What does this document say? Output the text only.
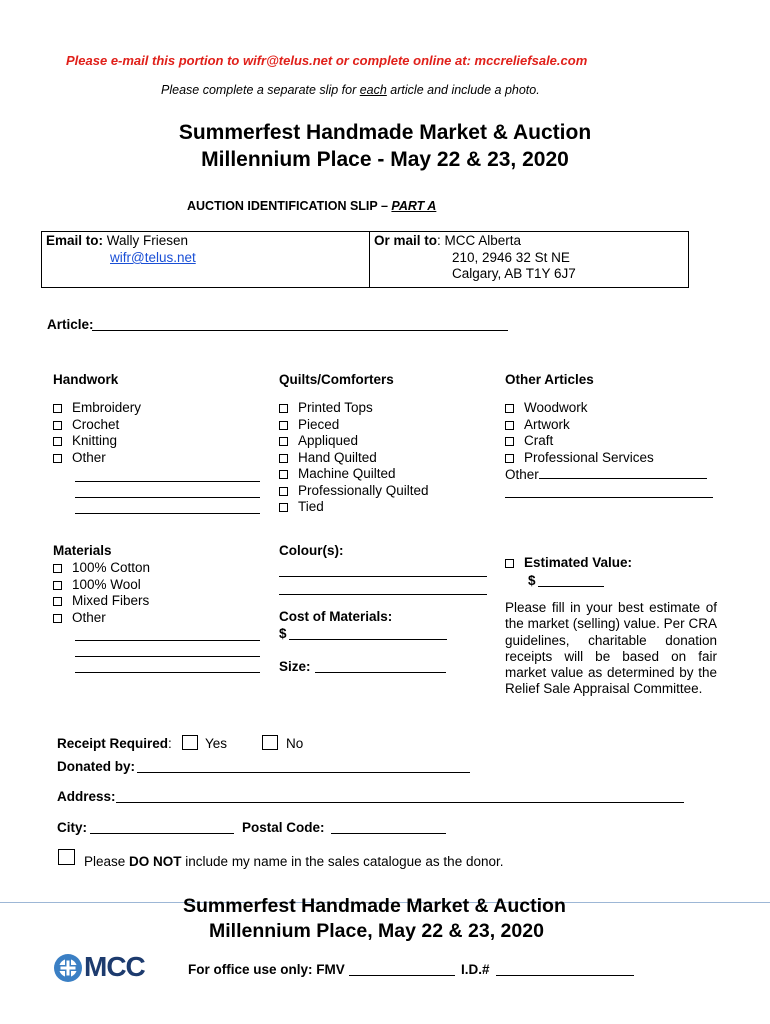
Please e-mail this portion to wifr@telus.net or complete online at: mccreliefsale.com
Please complete a separate slip for each article and include a photo.
Summerfest Handmade Market & Auction
Millennium Place - May 22 & 23, 2020
AUCTION IDENTIFICATION SLIP – PART A
Email to: Wally Friesen
wifr@telus.net
Or mail to: MCC Alberta
210, 2946 32 St NE
Calgary, AB T1Y 6J7
Article:
Handwork	Quilts/Comforters	Other Articles
Embroidery
Crochet
Knitting
Other
Printed Tops
Pieced
Appliqued
Hand Quilted
Machine Quilted
Professionally Quilted
Tied
Woodwork
Artwork
Craft
Professional Services
Other
Materials
100% Cotton
100% Wool
Mixed Fibers
Other
Colour(s):
Cost of Materials:
$
Size:
Estimated Value:
$
Please fill in your best estimate of the market (selling) value. Per CRA guidelines, charitable donation receipts will be based on fair market value as determined by the Relief Sale Appraisal Committee.
Receipt Required: Yes	No
Donated by:
Address:
City:	Postal Code:
Please DO NOT include my name in the sales catalogue as the donor.
Summerfest Handmade Market & Auction
Millennium Place, May 22 & 23, 2020
MCC	For office use only: FMV	I.D.#
